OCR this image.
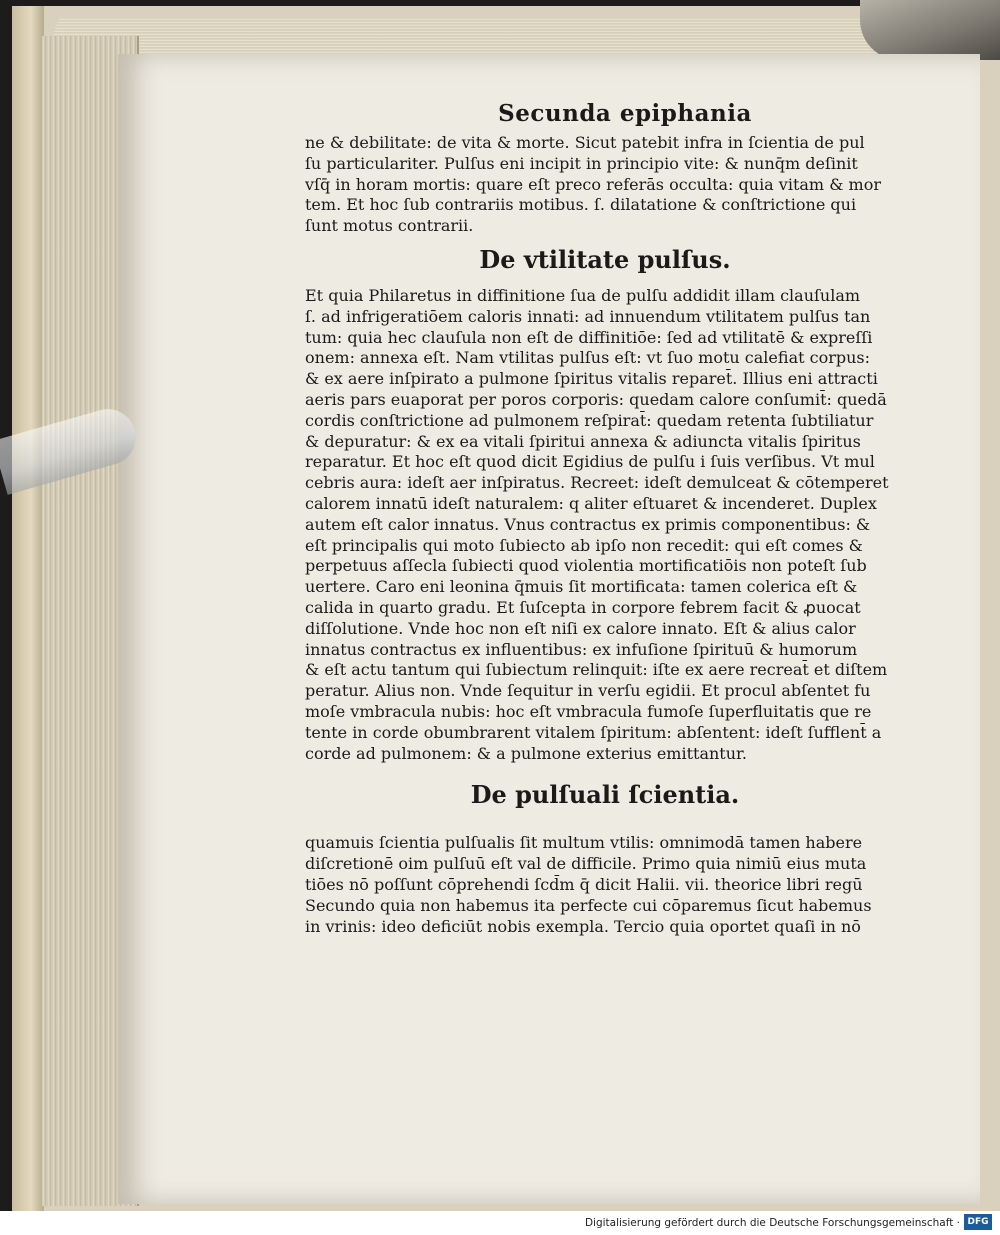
Secunda epiphania

ne & debilitate: de vita & morte. Sicut patebit infra in ſcientia de pul
ſu particulariter. Pulſus eni incipit in principio vite: & nunq̄m deſinit
vſq̄ in horam mortis: quare eſt preco referās occulta: quia vitam & mor
tem. Et hoc ſub contrariis motibus. ſ. dilatatione & conſtrictione qui
ſunt motus contrarii.

De vtilitate pulſus.

Et quia Philaretus in diffinitione ſua de pulſu addidit illam clauſulam
ſ. ad infrigeratiōem caloris innati: ad innuendum vtilitatem pulſus tan
tum: quia hec clauſula non eſt de diffinitiōe: ſed ad vtilitatē & expreſſi
onem: annexa eſt. Nam vtilitas pulſus eſt: vt ſuo motu calefiat corpus:
& ex aere inſpirato a pulmone ſpiritus vitalis reparet̄. Illius eni attracti
aeris pars euaporat per poros corporis: quedam calore conſumit̄: quedā
cordis conſtrictione ad pulmonem reſpirat̄: quedam retenta ſubtiliatur
& depuratur: & ex ea vitali ſpiritui annexa & adiuncta vitalis ſpiritus
reparatur. Et hoc eſt quod dicit Egidius de pulſu i ſuis verſibus. Vt mul
cebris aura: ideſt aer inſpiratus. Recreet: ideſt demulceat & cōtemperet
calorem innatū ideſt naturalem: q aliter eſtuaret & incenderet. Duplex
autem eſt calor innatus. Vnus contractus ex primis componentibus: &
eſt principalis qui moto ſubiecto ab ipſo non recedit: qui eſt comes &
perpetuus aſſecla ſubiecti quod violentia mortificatiōis non poteſt ſub
uertere. Caro eni leonina q̄muis ſit mortificata: tamen colerica eſt &
calida in quarto gradu. Et ſuſcepta in corpore febrem facit & ꝓuocat
diſſolutione. Vnde hoc non eſt niſi ex calore innato. Eſt & alius calor
innatus contractus ex influentibus: ex infuſione ſpirituū & humorum
& eſt actu tantum qui ſubiectum relinquit: iſte ex aere recreat̄ et diſtem
peratur. Alius non. Vnde ſequitur in verſu egidii. Et procul abſentet fu
moſe vmbracula nubis: hoc eſt vmbracula fumoſe ſuperfluitatis que re
tente in corde obumbrarent vitalem ſpiritum: abſentent: ideſt ſufflent̄ a
corde ad pulmonem: & a pulmone exterius emittantur.

De pulſuali ſcientia.

quamuis ſcientia pulſualis ſit multum vtilis: omnimodā tamen habere
diſcretionē oim pulſuū eſt val de difficile. Primo quia nimiū eius muta
tiōes nō poſſunt cōprehendi ſcd̄m q̄ dicit Halii. vii. theorice libri regū
Secundo quia non habemus ita perfecte cui cōparemus ſicut habemus
in vrinis: ideo deficiūt nobis exempla. Tercio quia oportet quaſi in nō

Digitalisierung gefördert durch die Deutsche Forschungsgemeinschaft · DFG
